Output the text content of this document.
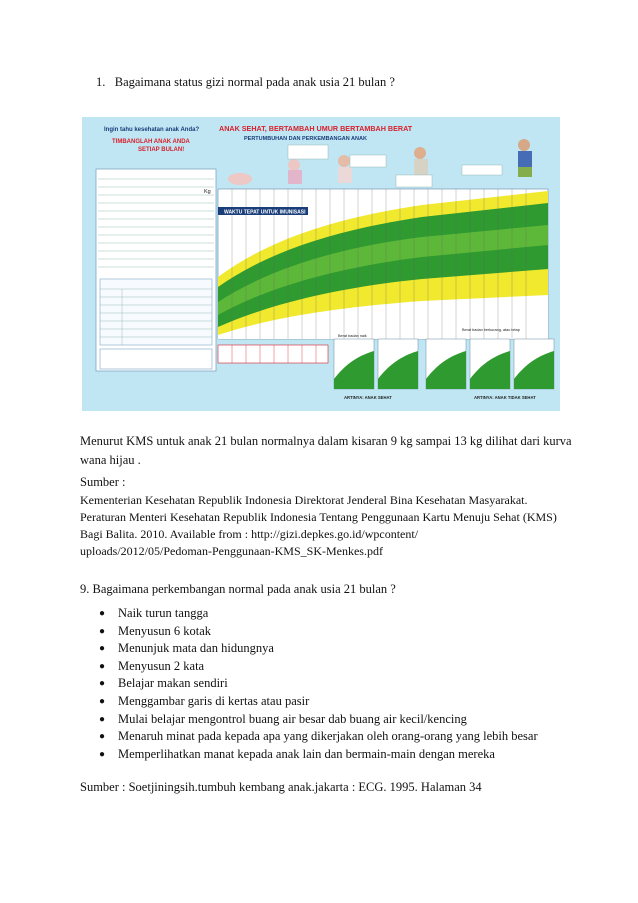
1. Bagaimana status gizi normal pada anak usia 21 bulan ?
Ingin tahu kesehatan anak Anda?
TIMBANGLAH ANAK ANDA
SETIAP BULAN!
ANAK SEHAT, BERTAMBAH UMUR BERTAMBAH BERAT
PERTUMBUHAN DAN PERKEMBANGAN ANAK
WAKTU TEPAT UNTUK IMUNISASI
Kg
Berat badan naik
Berat badan berkurang, atau tetap
ARTINYA: ANAK SEHAT	ARTINYA: ANAK TIDAK SEHAT
Menurut KMS untuk anak 21 bulan normalnya dalam kisaran 9 kg sampai 13 kg dilihat dari kurva wana hijau .
Sumber :
Kementerian Kesehatan Republik Indonesia Direktorat Jenderal Bina Kesehatan Masyarakat.
Peraturan Menteri Kesehatan Republik Indonesia Tentang Penggunaan Kartu Menuju Sehat (KMS)
Bagi Balita. 2010. Available from : http://gizi.depkes.go.id/wpcontent/
uploads/2012/05/Pedoman-Penggunaan-KMS_SK-Menkes.pdf
9. Bagaimana perkembangan normal pada anak usia 21 bulan ?
● Naik turun tangga
● Menyusun 6 kotak
● Menunjuk mata dan hidungnya
● Menyusun 2 kata
● Belajar makan sendiri
● Menggambar garis di kertas atau pasir
● Mulai belajar mengontrol buang air besar dab buang air kecil/kencing
● Menaruh minat pada kepada apa yang dikerjakan oleh orang-orang yang lebih besar
● Memperlihatkan manat kepada anak lain dan bermain-main dengan mereka
Sumber : Soetjiningsih.tumbuh kembang anak.jakarta : ECG. 1995. Halaman 34
